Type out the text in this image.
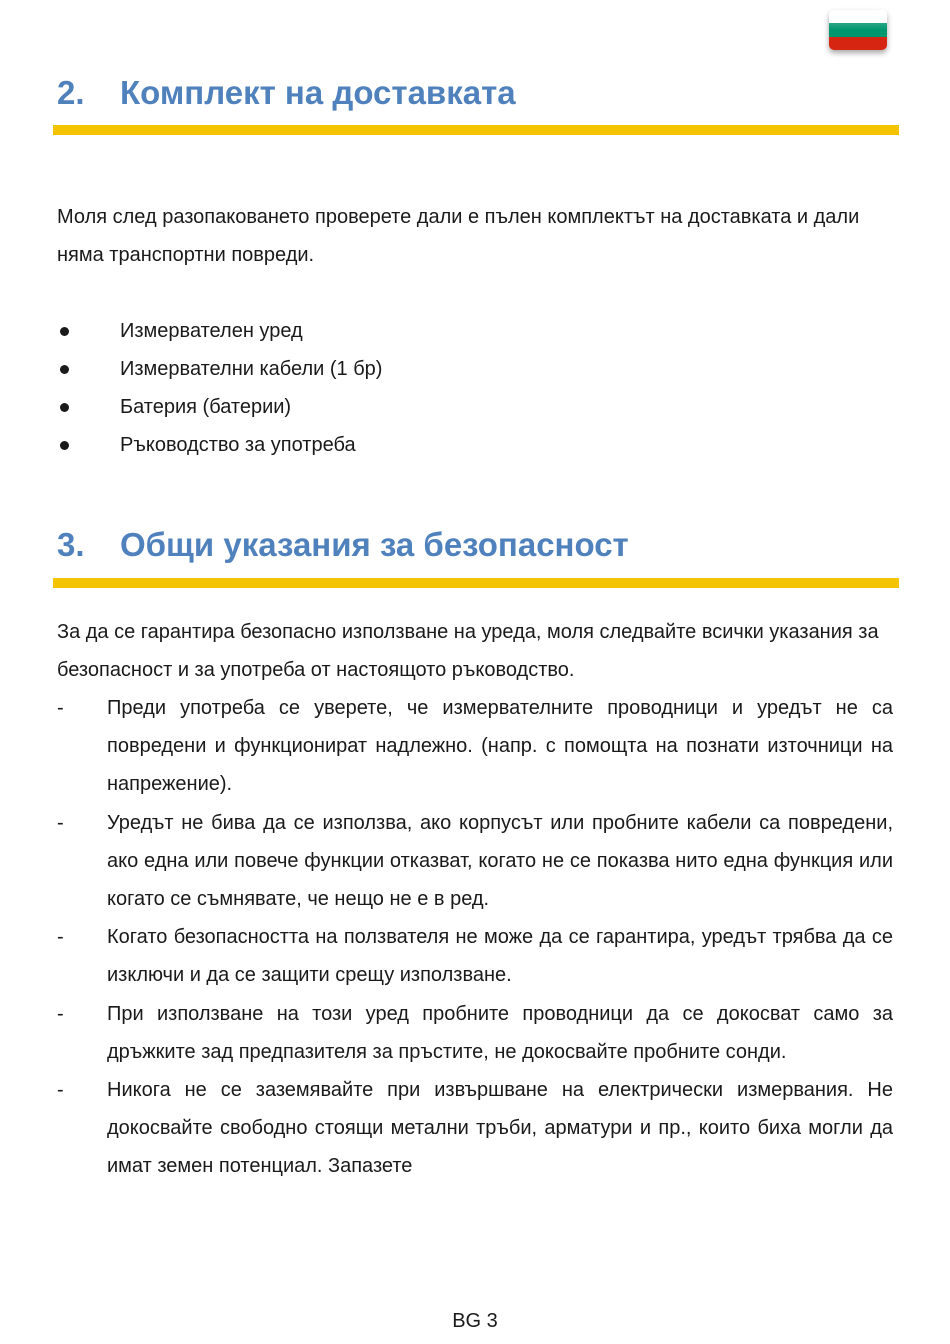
2. Комплект на доставката

Моля след разопаковането проверете дали е пълен комплектът на доставката и дали няма транспортни повреди.

Измервателен уред
Измервателни кабели (1 бр)
Батерия (батерии)
Ръководство за употреба
3. Общи указания за безопасност

За да се гарантира безопасно използване на уреда, моля следвайте всички указания за безопасност и за употреба от настоящото ръководство.

- Преди употреба се уверете, че измервателните проводници и уредът не са повредени и функционират надлежно. (напр. с помощта на познати източници на напрежение).
- Уредът не бива да се използва, ако корпусът или пробните кабели са повредени, ако една или повече функции отказват, когато не се показва нито една функция или когато се съмнявате, че нещо не е в ред.
- Когато безопасността на ползвателя не може да се гарантира, уредът трябва да се изключи и да се защити срещу използване.
- При използване на този уред пробните проводници да се докосват само за дръжките зад предпазителя за пръстите, не докосвайте пробните сонди.
- Никога не се заземявайте при извършване на електрически измервания. Не докосвайте свободно стоящи метални тръби, арматури и пр., които биха могли да имат земен потенциал. Запазете
BG 3
